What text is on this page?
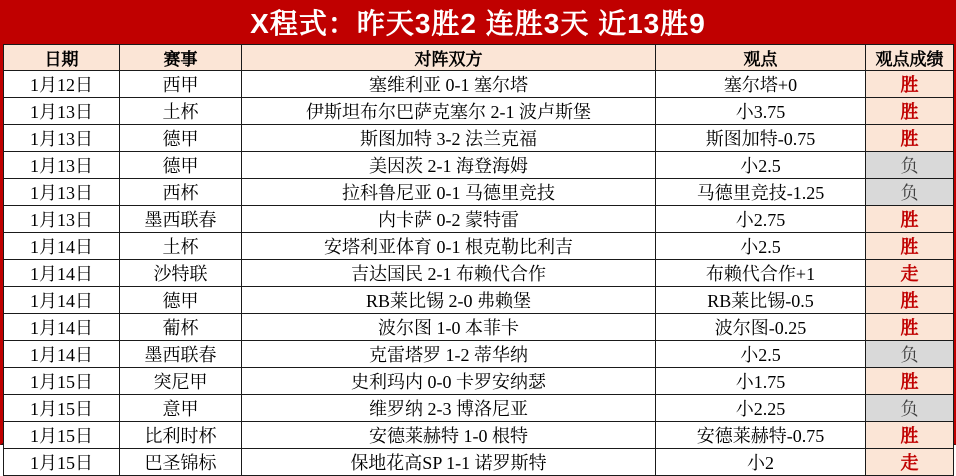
X程式：昨天3胜2 连胜3天 近13胜9
日期	赛事	对阵双方	观点	观点成绩
1月12日	西甲	塞维利亚 0-1 塞尔塔	塞尔塔+0	胜
1月13日	土杯	伊斯坦布尔巴萨克塞尔 2-1 波卢斯堡	小3.75	胜
1月13日	德甲	斯图加特 3-2 法兰克福	斯图加特-0.75	胜
1月13日	德甲	美因茨 2-1 海登海姆	小2.5	负
1月13日	西杯	拉科鲁尼亚 0-1 马德里竞技	马德里竞技-1.25	负
1月13日	墨西联春	内卡萨 0-2 蒙特雷	小2.75	胜
1月14日	土杯	安塔利亚体育 0-1 根克勒比利吉	小2.5	胜
1月14日	沙特联	吉达国民 2-1 布赖代合作	布赖代合作+1	走
1月14日	德甲	RB莱比锡 2-0 弗赖堡	RB莱比锡-0.5	胜
1月14日	葡杯	波尔图 1-0 本菲卡	波尔图-0.25	胜
1月14日	墨西联春	克雷塔罗 1-2 蒂华纳	小2.5	负
1月15日	突尼甲	史利玛内 0-0 卡罗安纳瑟	小1.75	胜
1月15日	意甲	维罗纳 2-3 博洛尼亚	小2.25	负
1月15日	比利时杯	安德莱赫特 1-0 根特	安德莱赫特-0.75	胜
1月15日	巴圣锦标	保地花高SP 1-1 诺罗斯特	小2	走
